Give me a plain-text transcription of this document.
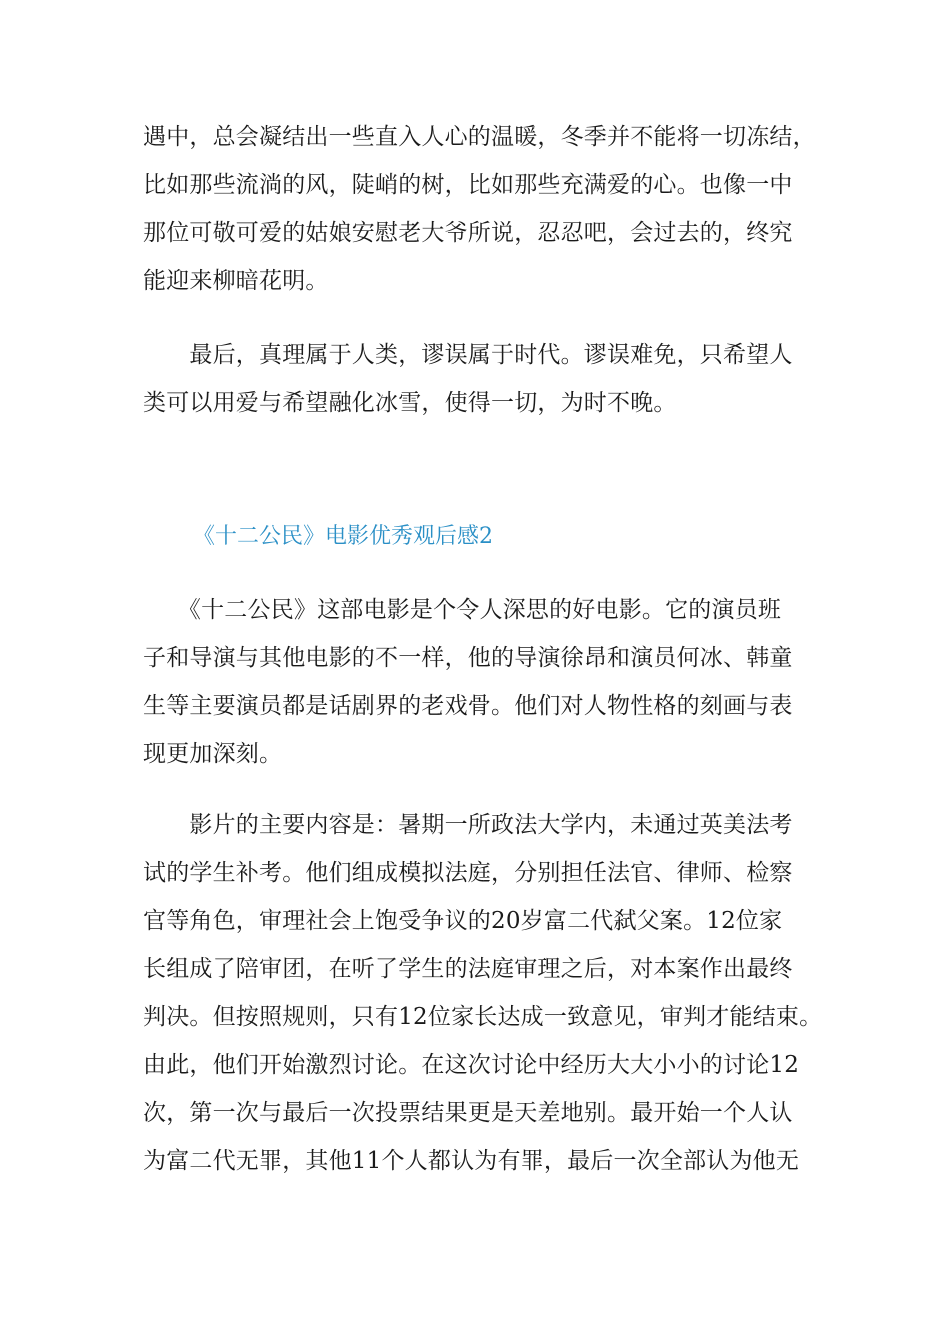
遇中，总会凝结出一些直入人心的温暖，冬季并不能将一切冻结，
比如那些流淌的风，陡峭的树，比如那些充满爱的心。也像一中
那位可敬可爱的姑娘安慰老大爷所说，忍忍吧，会过去的，终究
能迎来柳暗花明。
　　最后，真理属于人类，谬误属于时代。谬误难免，只希望人
类可以用爱与希望融化冰雪，使得一切，为时不晚。
《十二公民》电影优秀观后感2
　　《十二公民》这部电影是个令人深思的好电影。它的演员班
子和导演与其他电影的不一样，他的导演徐昂和演员何冰、韩童
生等主要演员都是话剧界的老戏骨。他们对人物性格的刻画与表
现更加深刻。
　　影片的主要内容是：暑期一所政法大学内，未通过英美法考
试的学生补考。他们组成模拟法庭，分别担任法官、律师、检察
官等角色，审理社会上饱受争议的20岁富二代弑父案。12位家
长组成了陪审团，在听了学生的法庭审理之后，对本案作出最终
判决。但按照规则，只有12位家长达成一致意见，审判才能结束。
由此，他们开始激烈讨论。在这次讨论中经历大大小小的讨论12
次，第一次与最后一次投票结果更是天差地别。最开始一个人认
为富二代无罪，其他11个人都认为有罪，最后一次全部认为他无
